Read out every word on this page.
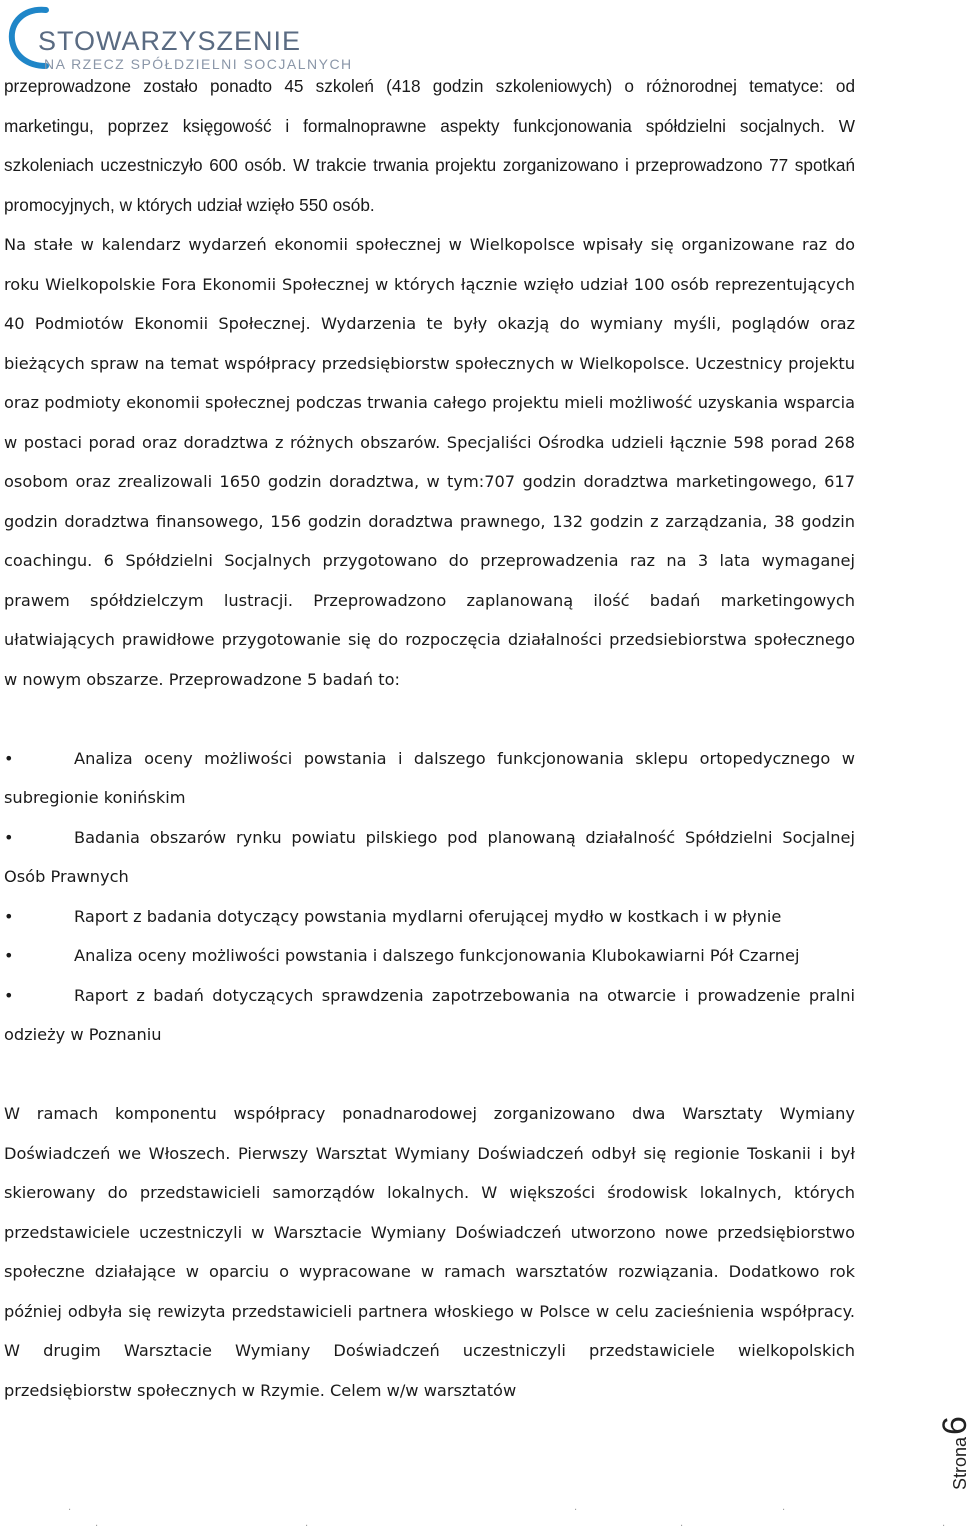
STOWARZYSZENIE
NA RZECZ SPÓŁDZIELNI SOCJALNYCH

przeprowadzone zostało ponadto 45 szkoleń (418 godzin szkoleniowych) o różnorodnej tematyce: od marketingu, poprzez księgowość i formalnoprawne aspekty funkcjonowania spółdzielni socjalnych. W szkoleniach uczestniczyło 600 osób. W trakcie trwania projektu zorganizowano i przeprowadzono 77 spotkań promocyjnych, w których udział wzięło 550 osób.

Na stałe w kalendarz wydarzeń ekonomii społecznej w Wielkopolsce wpisały się organizowane raz do roku Wielkopolskie Fora Ekonomii Społecznej w których łącznie wzięło udział 100 osób reprezentujących 40 Podmiotów Ekonomii Społecznej. Wydarzenia te były okazją do wymiany myśli, poglądów oraz bieżących spraw na temat współpracy przedsiębiorstw społecznych w Wielkopolsce. Uczestnicy projektu oraz podmioty ekonomii społecznej podczas trwania całego projektu mieli możliwość uzyskania wsparcia w postaci porad oraz doradztwa z różnych obszarów. Specjaliści Ośrodka udzieli łącznie 598 porad 268 osobom oraz zrealizowali 1650 godzin doradztwa, w tym:707 godzin doradztwa marketingowego, 617 godzin doradztwa finansowego, 156 godzin doradztwa prawnego, 132 godzin z zarządzania, 38 godzin coachingu. 6 Spółdzielni Socjalnych przygotowano do przeprowadzenia raz na 3 lata wymaganej prawem spółdzielczym lustracji. Przeprowadzono zaplanowaną ilość badań marketingowych ułatwiających prawidłowe przygotowanie się do rozpoczęcia działalności przedsiebiorstwa społecznego w nowym obszarze. Przeprowadzone 5 badań to:

•	Analiza oceny możliwości powstania i dalszego funkcjonowania sklepu ortopedycznego w subregionie konińskim

•	Badania obszarów rynku powiatu pilskiego pod planowaną działalność Spółdzielni Socjalnej Osób Prawnych

•	Raport z badania dotyczący powstania mydlarni oferującej mydło w kostkach i w płynie

•	Analiza oceny możliwości powstania i dalszego funkcjonowania Klubokawiarni Pół Czarnej

•	Raport z badań dotyczących sprawdzenia zapotrzebowania na otwarcie i prowadzenie pralni odzieży w Poznaniu

W ramach komponentu współpracy ponadnarodowej zorganizowano dwa Warsztaty Wymiany Doświadczeń we Włoszech. Pierwszy Warsztat Wymiany Doświadczeń odbył się regionie Toskanii i był skierowany do przedstawicieli samorządów lokalnych. W większości środowisk lokalnych, których przedstawiciele uczestniczyli w Warsztacie Wymiany Doświadczeń utworzono nowe przedsiębiorstwo społeczne działające w oparciu o wypracowane w ramach warsztatów rozwiązania. Dodatkowo rok później odbyła się rewizyta przedstawicieli partnera włoskiego w Polsce w celu zacieśnienia współpracy. W drugim Warsztacie Wymiany Doświadczeń uczestniczyli przedstawiciele wielkopolskich przedsiębiorstw społecznych w Rzymie. Celem w/w warsztatów

Strona6
.
.	.
.
.
.
.
